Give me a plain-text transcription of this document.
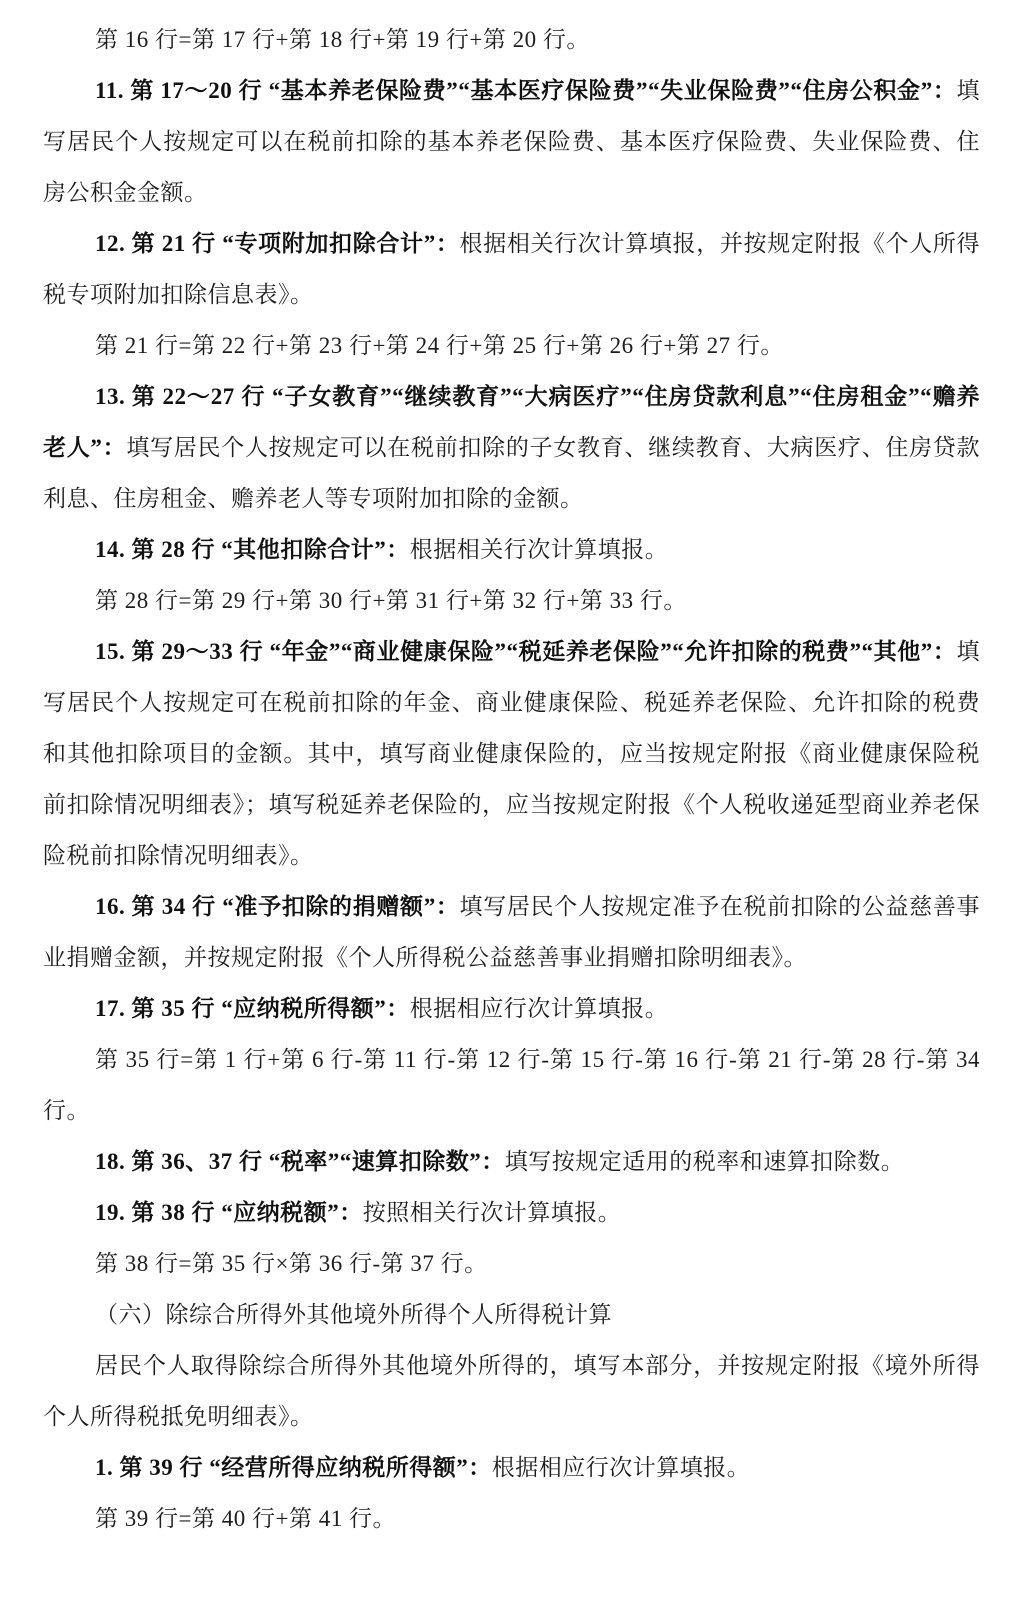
第 16 行=第 17 行+第 18 行+第 19 行+第 20 行。

11. 第 17～20 行 “基本养老保险费”“基本医疗保险费”“失业保险费”“住房公积金”：填写居民个人按规定可以在税前扣除的基本养老保险费、基本医疗保险费、失业保险费、住房公积金金额。

12. 第 21 行 “专项附加扣除合计”：根据相关行次计算填报，并按规定附报《个人所得税专项附加扣除信息表》。

第 21 行=第 22 行+第 23 行+第 24 行+第 25 行+第 26 行+第 27 行。

13. 第 22～27 行 “子女教育”“继续教育”“大病医疗”“住房贷款利息”“住房租金”“赡养老人”：填写居民个人按规定可以在税前扣除的子女教育、继续教育、大病医疗、住房贷款利息、住房租金、赡养老人等专项附加扣除的金额。

14. 第 28 行 “其他扣除合计”：根据相关行次计算填报。

第 28 行=第 29 行+第 30 行+第 31 行+第 32 行+第 33 行。

15. 第 29～33 行 “年金”“商业健康保险”“税延养老保险”“允许扣除的税费”“其他”：填写居民个人按规定可在税前扣除的年金、商业健康保险、税延养老保险、允许扣除的税费和其他扣除项目的金额。其中，填写商业健康保险的，应当按规定附报《商业健康保险税前扣除情况明细表》；填写税延养老保险的，应当按规定附报《个人税收递延型商业养老保险税前扣除情况明细表》。

16. 第 34 行 “准予扣除的捐赠额”：填写居民个人按规定准予在税前扣除的公益慈善事业捐赠金额，并按规定附报《个人所得税公益慈善事业捐赠扣除明细表》。

17. 第 35 行 “应纳税所得额”：根据相应行次计算填报。

第 35 行=第 1 行+第 6 行-第 11 行-第 12 行-第 15 行-第 16 行-第 21 行-第 28 行-第 34 行。

18. 第 36、37 行 “税率”“速算扣除数”：填写按规定适用的税率和速算扣除数。

19. 第 38 行 “应纳税额”：按照相关行次计算填报。

第 38 行=第 35 行×第 36 行-第 37 行。

（六）除综合所得外其他境外所得个人所得税计算

居民个人取得除综合所得外其他境外所得的，填写本部分，并按规定附报《境外所得个人所得税抵免明细表》。

1. 第 39 行 “经营所得应纳税所得额”：根据相应行次计算填报。

第 39 行=第 40 行+第 41 行。
